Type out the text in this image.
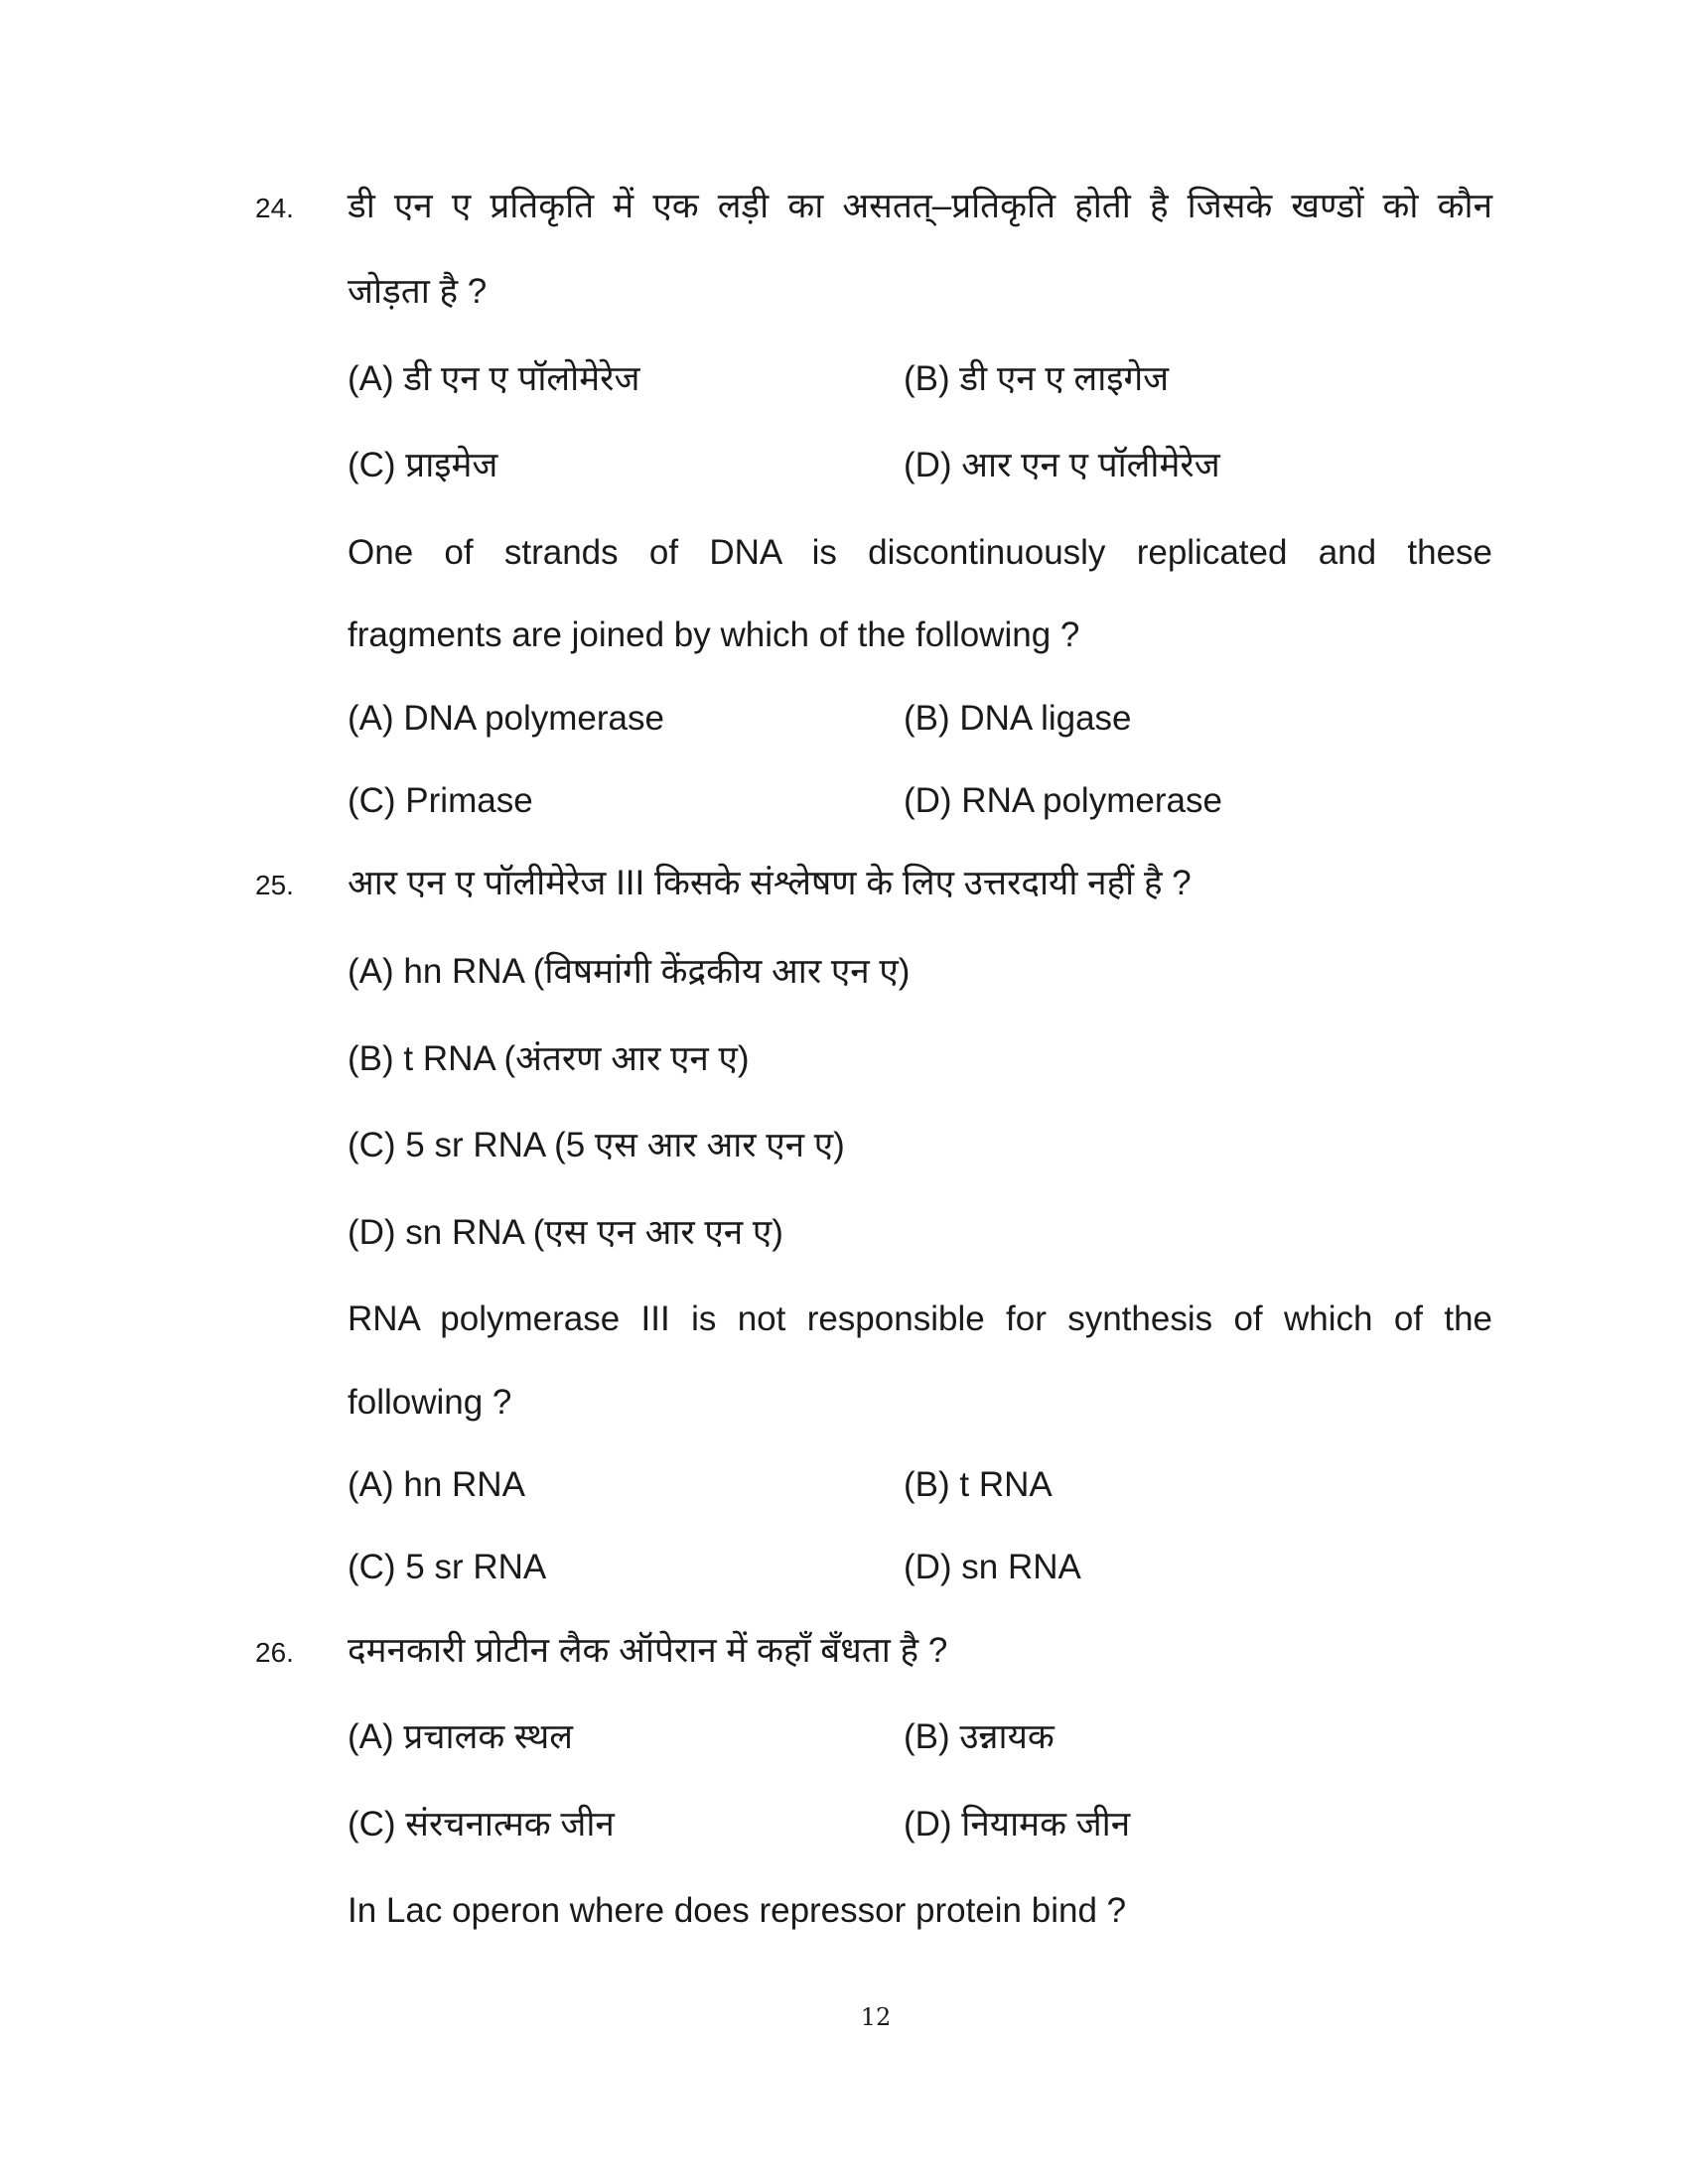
24. डी एन ए प्रतिकृति में एक लड़ी का असतत्–प्रतिकृति होती है जिसके खण्डों को कौन
जोड़ता है ?
(A) डी एन ए पॉलोमेरेज	(B) डी एन ए लाइगेज
(C) प्राइमेज	(D) आर एन ए पॉलीमेरेज
One of strands of DNA is discontinuously replicated and these
fragments are joined by which of the following ?
(A) DNA polymerase	(B) DNA ligase
(C) Primase	(D) RNA polymerase
25. आर एन ए पॉलीमेरेज III किसके संश्लेषण के लिए उत्तरदायी नहीं है ?
(A) hn RNA (विषमांगी केंद्रकीय आर एन ए)
(B) t RNA (अंतरण आर एन ए)
(C) 5 sr RNA (5 एस आर आर एन ए)
(D) sn RNA (एस एन आर एन ए)
RNA polymerase III is not responsible for synthesis of which of the
following ?
(A) hn RNA	(B) t RNA
(C) 5 sr RNA	(D) sn RNA
26. दमनकारी प्रोटीन लैक ऑपेरान में कहाँ बँधता है ?
(A) प्रचालक स्थल	(B) उन्नायक
(C) संरचनात्मक जीन	(D) नियामक जीन
In Lac operon where does repressor protein bind ?
12
